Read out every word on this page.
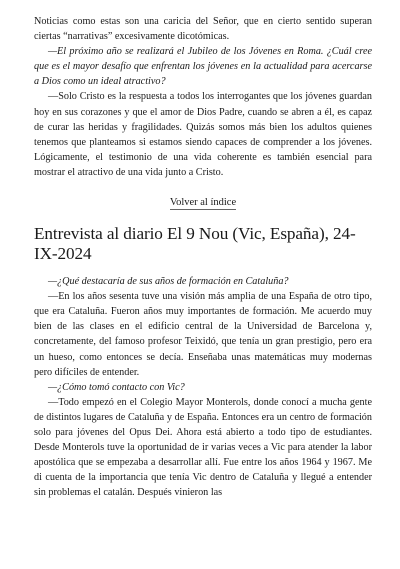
Noticias como estas son una caricia del Señor, que en cierto sentido superan ciertas “narrativas” excesivamente dicotómicas.

—El próximo año se realizará el Jubileo de los Jóvenes en Roma. ¿Cuál cree que es el mayor desafío que enfrentan los jóvenes en la actualidad para acercarse a Dios como un ideal atractivo?

—Solo Cristo es la respuesta a todos los interrogantes que los jóvenes guardan hoy en sus corazones y que el amor de Dios Padre, cuando se abren a él, es capaz de curar las heridas y fragilidades. Quizás somos más bien los adultos quienes tenemos que planteamos si estamos siendo capaces de comprender a los jóvenes. Lógicamente, el testimonio de una vida coherente es también esencial para mostrar el atractivo de una vida junto a Cristo.

Volver al índice
Entrevista al diario El 9 Nou (Vic, España), 24-IX-2024

—¿Qué destacaría de sus años de formación en Cataluña?

—En los años sesenta tuve una visión más amplia de una España de otro tipo, que era Cataluña. Fueron años muy importantes de formación. Me acuerdo muy bien de las clases en el edificio central de la Universidad de Barcelona y, concretamente, del famoso profesor Teixidó, que tenía un gran prestigio, pero era un hueso, como entonces se decía. Enseñaba unas matemáticas muy modernas pero difíciles de entender.

—¿Cómo tomó contacto con Vic?

—Todo empezó en el Colegio Mayor Monterols, donde conocí a mucha gente de distintos lugares de Cataluña y de España. Entonces era un centro de formación solo para jóvenes del Opus Dei. Ahora está abierto a todo tipo de estudiantes. Desde Monterols tuve la oportunidad de ir varias veces a Vic para atender la labor apostólica que se empezaba a desarrollar allí. Fue entre los años 1964 y 1967. Me di cuenta de la importancia que tenía Vic dentro de Cataluña y llegué a entender sin problemas el catalán. Después vinieron las
